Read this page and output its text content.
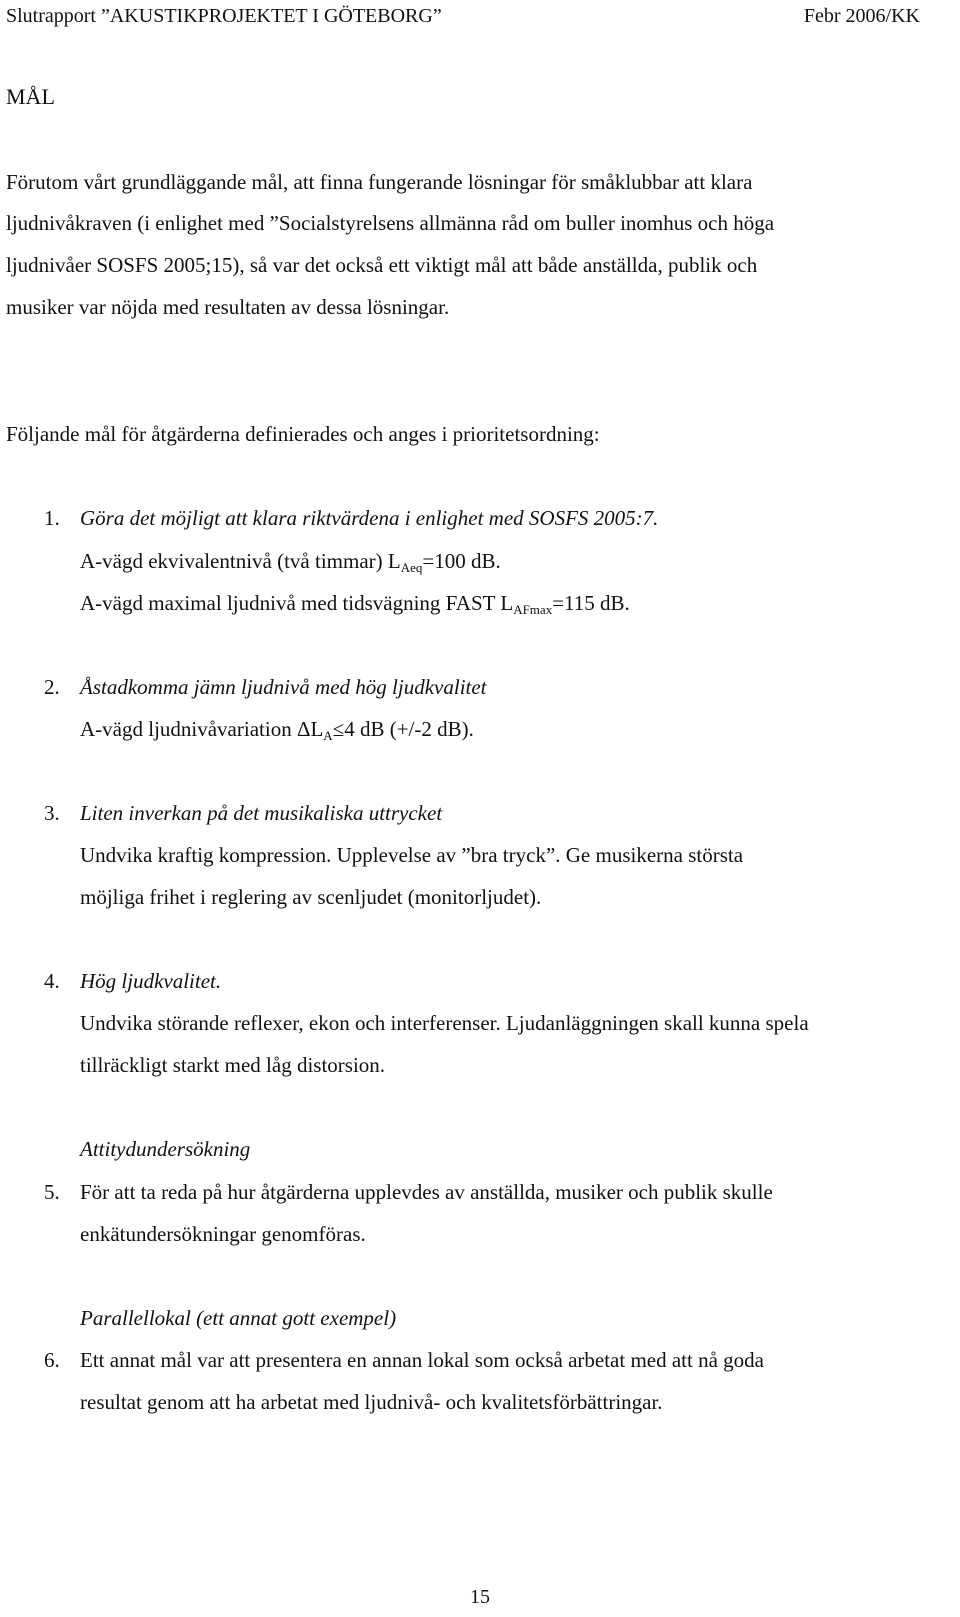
Slutrapport ”AKUSTIKPROJEKTET I GÖTEBORG”	Febr 2006/KK
MÅL
Förutom vårt grundläggande mål, att finna fungerande lösningar för småklubbar att klara
ljudnivåkraven (i enlighet med ”Socialstyrelsens allmänna råd om buller inomhus och höga
ljudnivåer SOSFS 2005;15), så var det också ett viktigt mål att både anställda, publik och
musiker var nöjda med resultaten av dessa lösningar.
Följande mål för åtgärderna definierades och anges i prioritetsordning:
1. Göra det möjligt att klara riktvärdena i enlighet med SOSFS 2005:7.
A-vägd ekvivalentnivå (två timmar) $L_{Aeq}=100$ dB.
A-vägd maximal ljudnivå med tidsvägning FAST $L_{AFmax}=115$ dB.
2. Åstadkomma jämn ljudnivå med hög ljudkvalitet
A-vägd ljudnivåvariation $\Delta L_A\le 4$ dB (+/-2 dB).
3. Liten inverkan på det musikaliska uttrycket
Undvika kraftig kompression. Upplevelse av ”bra tryck”. Ge musikerna största
möjliga frihet i reglering av scenljudet (monitorljudet).
4. Hög ljudkvalitet.
Undvika störande reflexer, ekon och interferenser. Ljudanläggningen skall kunna spela
tillräckligt starkt med låg distorsion.
Attitydundersökning
5. För att ta reda på hur åtgärderna upplevdes av anställda, musiker och publik skulle
enkätundersökningar genomföras.
Parallellokal (ett annat gott exempel)
6. Ett annat mål var att presentera en annan lokal som också arbetat med att nå goda
resultat genom att ha arbetat med ljudnivå- och kvalitetsförbättringar.
15
